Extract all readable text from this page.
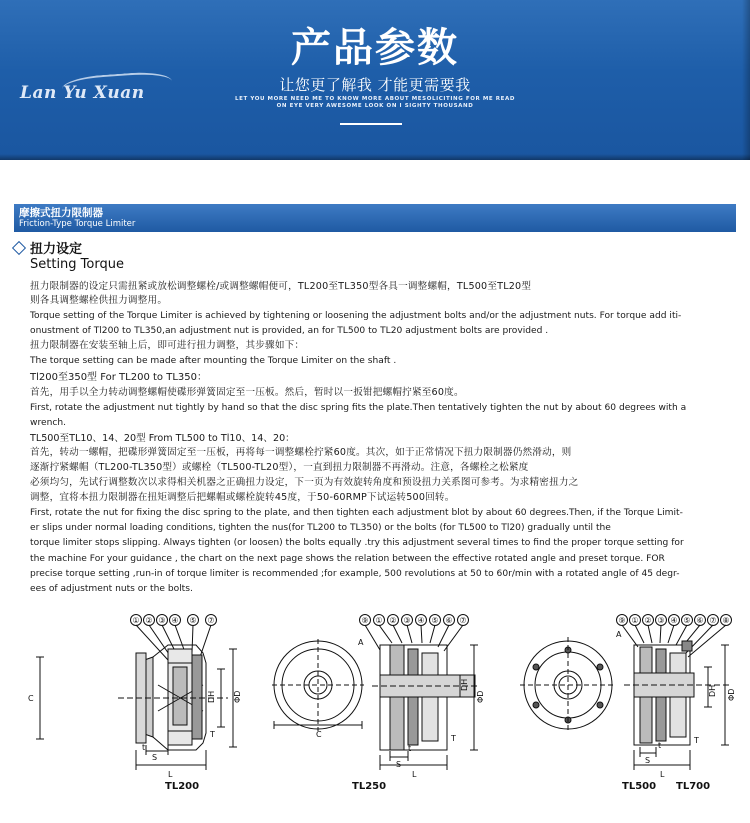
Lan Yu Xuan
产品参数
让您更了解我 才能更需要我
LET YOU MORE NEED ME TO KNOW MORE ABOUT MESOLICITING FOR ME READ
ON EYE VERY AWESOME LOOK ON I SIGHTY THOUSAND
摩擦式扭力限制器
Friction-Type Torque Limiter
扭力设定
Setting Torque

扭力限制器的设定只需扭紧或放松调整螺栓/或调整螺帽便可，TL200至TL350型各具一调整螺帽，TL500至TL20型

则各具调整螺栓供扭力调整用。

Torque setting of the Torque Limiter is achieved by tightening or loosening the adjustment bolts and/or the adjustment nuts. For torque add iti-

onustment of Tl200 to TL350,an adjustment nut is provided, an for TL500 to TL20 adjustment bolts are provided .

扭力限制器在安装至轴上后，即可进行扭力调整，其步骤如下：

The torque setting can be made after mounting the Torque Limiter on the shaft .

Tl200至350型 For TL200 to TL350：

首先，用手以全力转动调整螺帽使碟形弹簧固定至一压板。然后，暂时以一扳钳把螺帽拧紧至60度。

First, rotate the adjustment nut tightly by hand so that the disc spring fits the plate.Then tentatively tighten the nut by about 60 degrees with a

wrench.

TL500至TL10、14、20型 From TL500 to Tl10、14、20：

首先，转动一螺帽，把碟形弹簧固定至一压板，再将每一调整螺栓拧紧60度。其次，如于正常情况下扭力限制器仍然滑动，则

逐渐拧紧螺帽（TL200-TL350型）或螺栓（TL500-TL20型），一直到扭力限制器不再滑动。注意，各螺栓之松紧度

必须均匀，先试行调整数次以求得相关机器之正确扭力设定，下一页为有效旋转角度和预设扭力关系图可参考。为求精密扭力之

调整，宜将本扭力限制器在扭矩调整后把螺帽或螺栓旋转45度，于50-60RMP下试运转500回转。

First, rotate the nut for fixing the disc spring to the plate, and then tighten each adjustment blot by about 60 degrees.Then, if the Torque Limit-

er slips under normal loading conditions, tighten the nus(for TL200 to TL350) or the bolts (for TL500 to Tl20) gradually until the

torque limiter stops slipping. Always tighten (or loosen) the bolts equally .try this adjustment several times to find the proper torque setting for

the machine For your guidance , the chart on the next page shows the relation between the effective rotated angle and preset torque. FOR

precise torque setting ,run-in of torque limiter is recommended ;for example, 500 revolutions at 50 to 60r/min with a rotated angle of 45 degr-

ees of adjustment nuts or the bolts.

① ② ③ ④ ⑤ ⑦
C	DH ΦD
L
S
t
T
TL200
⑨ ① ② ③ ④ ⑤ ⑥ ⑦
A
C
DH
ΦD
L
S
t
T
TL250
⑨ ① ② ③ ④ ⑤ ⑥ ⑦ ⑧
A
DH ΦD
L
S
t
T
TL500 TL700
